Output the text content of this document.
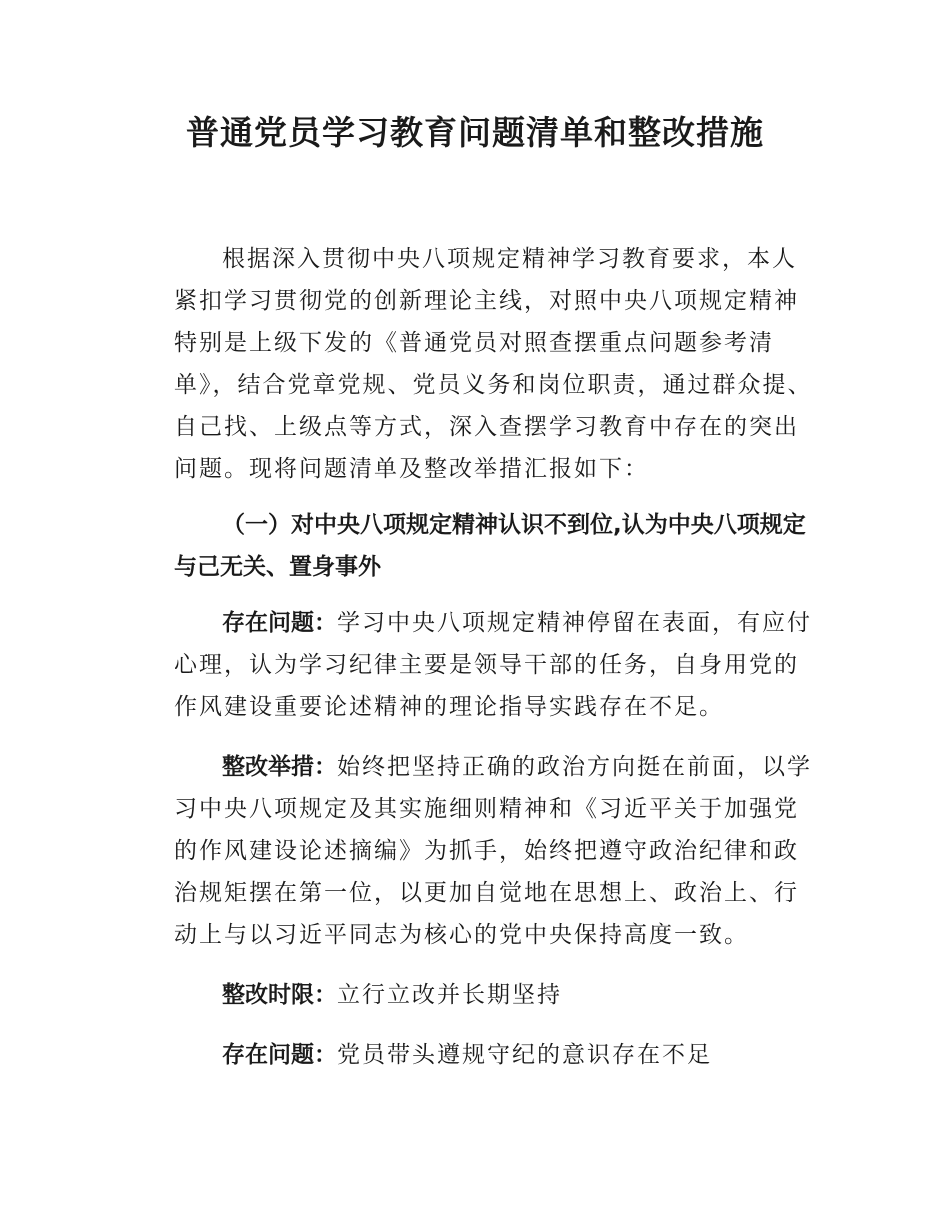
普通党员学习教育问题清单和整改措施

根据深入贯彻中央八项规定精神学习教育要求，本人紧扣学习贯彻党的创新理论主线，对照中央八项规定精神特别是上级下发的《普通党员对照查摆重点问题参考清单》，结合党章党规、党员义务和岗位职责，通过群众提、自己找、上级点等方式，深入查摆学习教育中存在的突出问题。现将问题清单及整改举措汇报如下：

（一）对中央八项规定精神认识不到位,认为中央八项规定与己无关、置身事外

存在问题：学习中央八项规定精神停留在表面，有应付心理，认为学习纪律主要是领导干部的任务，自身用党的作风建设重要论述精神的理论指导实践存在不足。

整改举措：始终把坚持正确的政治方向挺在前面，以学习中央八项规定及其实施细则精神和《习近平关于加强党的作风建设论述摘编》为抓手，始终把遵守政治纪律和政治规矩摆在第一位，以更加自觉地在思想上、政治上、行动上与以习近平同志为核心的党中央保持高度一致。

整改时限：立行立改并长期坚持

存在问题：党员带头遵规守纪的意识存在不足
